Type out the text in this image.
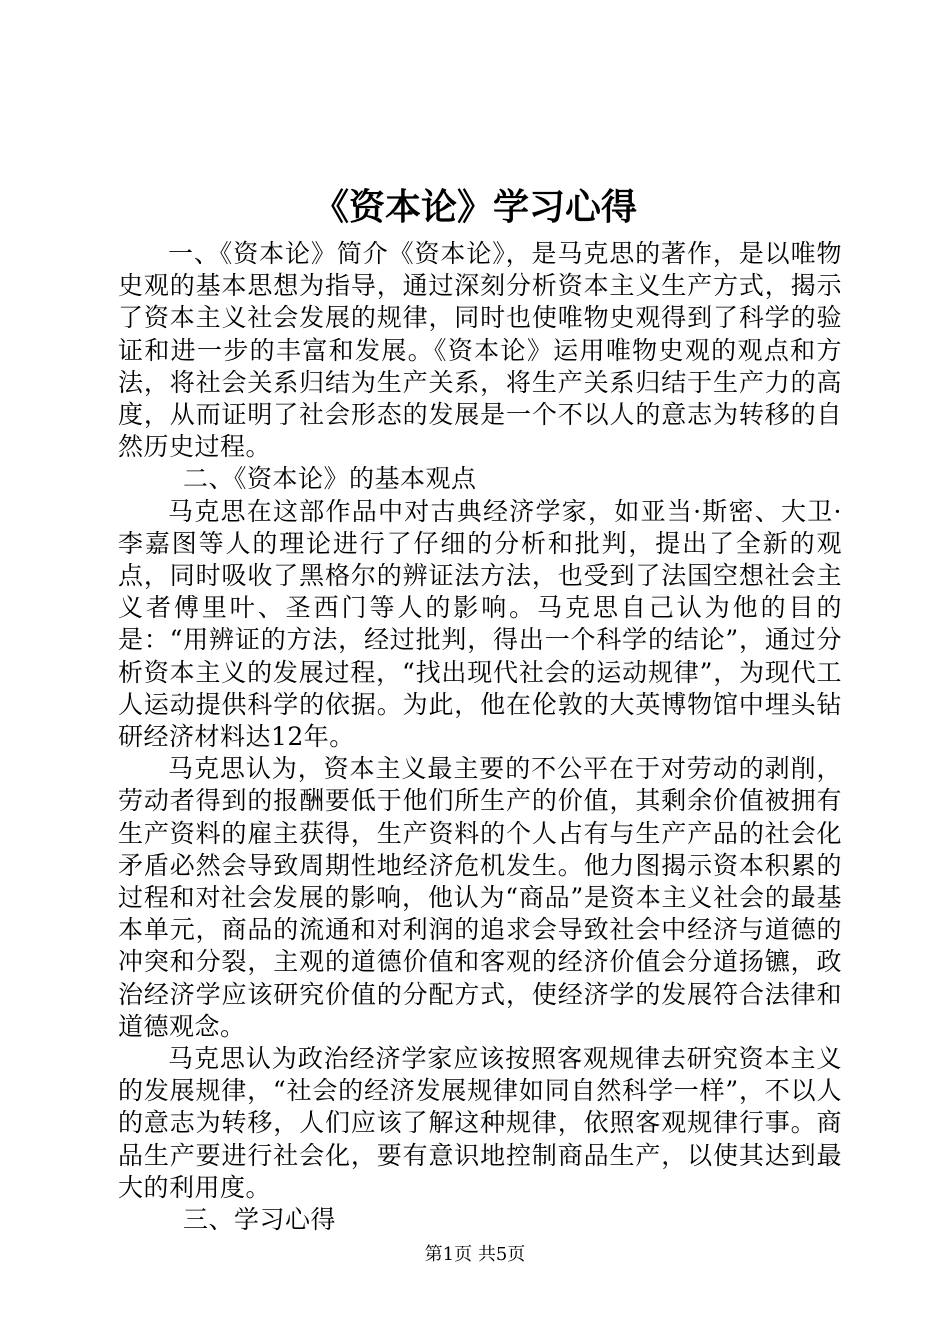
《资本论》学习心得

一、《资本论》简介《资本论》，是马克思的著作，是以唯物史观的基本思想为指导，通过深刻分析资本主义生产方式，揭示了资本主义社会发展的规律，同时也使唯物史观得到了科学的验证和进一步的丰富和发展。《资本论》运用唯物史观的观点和方法，将社会关系归结为生产关系，将生产关系归结于生产力的高度，从而证明了社会形态的发展是一个不以人的意志为转移的自然历史过程。

二、《资本论》的基本观点

马克思在这部作品中对古典经济学家，如亚当·斯密、大卫·李嘉图等人的理论进行了仔细的分析和批判，提出了全新的观点，同时吸收了黑格尔的辨证法方法，也受到了法国空想社会主义者傅里叶、圣西门等人的影响。马克思自己认为他的目的是：“用辨证的方法，经过批判，得出一个科学的结论”，通过分析资本主义的发展过程，“找出现代社会的运动规律”，为现代工人运动提供科学的依据。为此，他在伦敦的大英博物馆中埋头钻研经济材料达12年。

马克思认为，资本主义最主要的不公平在于对劳动的剥削，劳动者得到的报酬要低于他们所生产的价值，其剩余价值被拥有生产资料的雇主获得，生产资料的个人占有与生产产品的社会化矛盾必然会导致周期性地经济危机发生。他力图揭示资本积累的过程和对社会发展的影响，他认为“商品”是资本主义社会的最基本单元，商品的流通和对利润的追求会导致社会中经济与道德的冲突和分裂，主观的道德价值和客观的经济价值会分道扬镳，政治经济学应该研究价值的分配方式，使经济学的发展符合法律和道德观念。

马克思认为政治经济学家应该按照客观规律去研究资本主义的发展规律，“社会的经济发展规律如同自然科学一样”，不以人的意志为转移，人们应该了解这种规律，依照客观规律行事。商品生产要进行社会化，要有意识地控制商品生产，以使其达到最大的利用度。

三、学习心得

第1页 共5页
